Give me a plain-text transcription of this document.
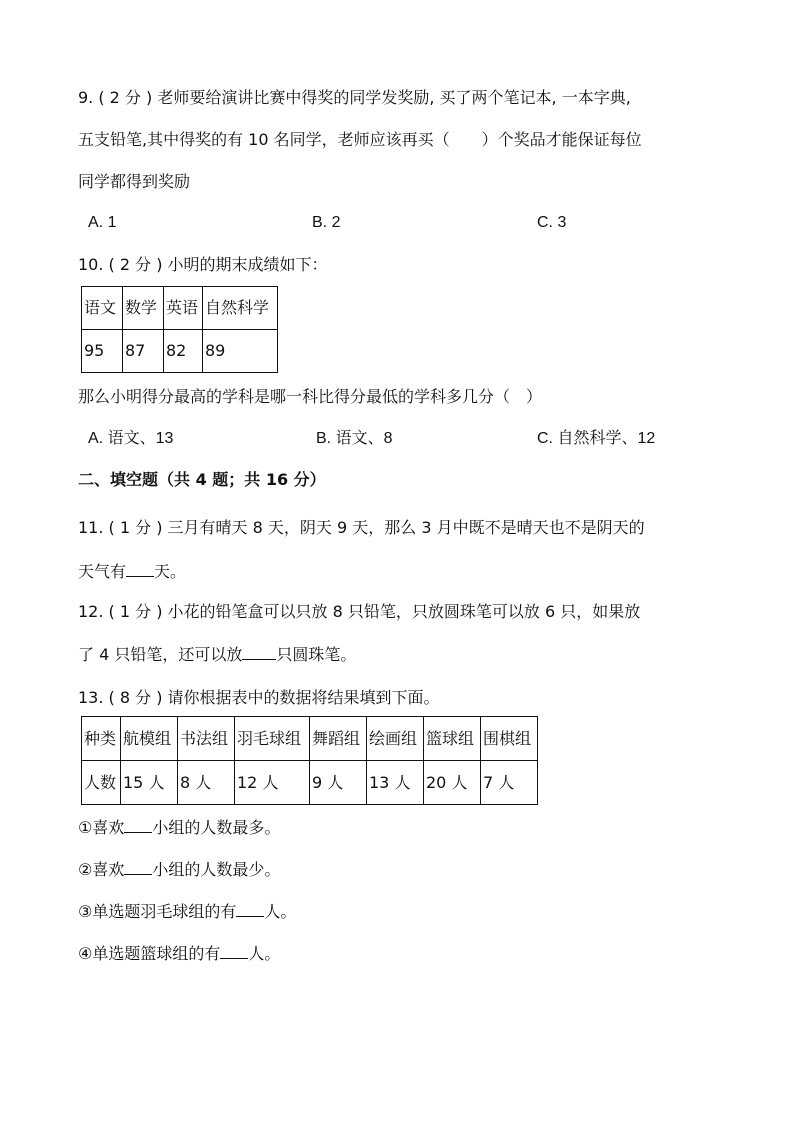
9. ( 2 分 ) 老师要给演讲比赛中得奖的同学发奖励, 买了两个笔记本, 一本字典,
五支铅笔,其中得奖的有 10 名同学，老师应该再买（　　）个奖品才能保证每位
同学都得到奖励
A. 1	B. 2	C. 3
10. ( 2 分 ) 小明的期末成绩如下：
语文	数学	英语	自然科学
95	87	82	89
那么小明得分最高的学科是哪一科比得分最低的学科多几分（　）
A. 语文、13	B. 语文、8	C. 自然科学、12
二、填空题（共 4 题；共 16 分）
11. ( 1 分 ) 三月有晴天 8 天，阴天 9 天，那么 3 月中既不是晴天也不是阴天的
天气有 天。
12. ( 1 分 ) 小花的铅笔盒可以只放 8 只铅笔，只放圆珠笔可以放 6 只，如果放
了 4 只铅笔，还可以放 只圆珠笔。
13. ( 8 分 ) 请你根据表中的数据将结果填到下面。
种类	航模组	书法组	羽毛球组	舞蹈组	绘画组	篮球组	围棋组
人数	15 人	8 人	12 人	9 人	13 人	20 人	7 人
①喜欢 小组的人数最多。
②喜欢 小组的人数最少。
③单选题羽毛球组的有 人。
④单选题篮球组的有 人。
